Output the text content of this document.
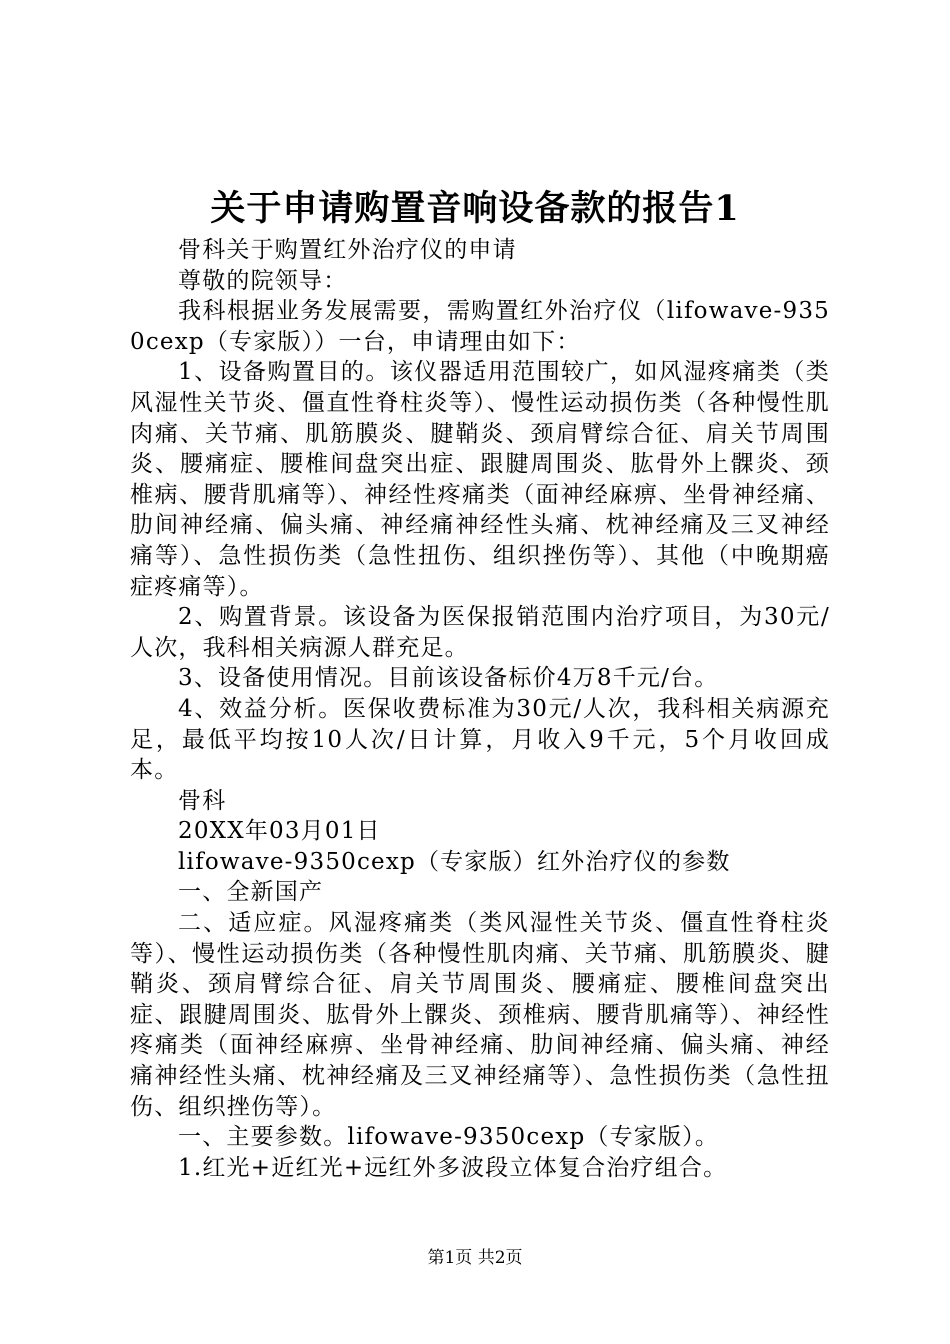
关于申请购置音响设备款的报告1

骨科关于购置红外治疗仪的申请

尊敬的院领导：

我科根据业务发展需要，需购置红外治疗仪（lifowave-9350cexp（专家版））一台，申请理由如下：

1、设备购置目的。该仪器适用范围较广，如风湿疼痛类（类风湿性关节炎、僵直性脊柱炎等）、慢性运动损伤类（各种慢性肌肉痛、关节痛、肌筋膜炎、腱鞘炎、颈肩臂综合征、肩关节周围炎、腰痛症、腰椎间盘突出症、跟腱周围炎、肱骨外上髁炎、颈椎病、腰背肌痛等）、神经性疼痛类（面神经麻痹、坐骨神经痛、肋间神经痛、偏头痛、神经痛神经性头痛、枕神经痛及三叉神经痛等）、急性损伤类（急性扭伤、组织挫伤等）、其他（中晚期癌症疼痛等）。

2、购置背景。该设备为医保报销范围内治疗项目，为30元/人次，我科相关病源人群充足。

3、设备使用情况。目前该设备标价4万8千元/台。

4、效益分析。医保收费标准为30元/人次，我科相关病源充足，最低平均按10人次/日计算，月收入9千元，5个月收回成本。

骨科

20XX年03月01日

lifowave-9350cexp（专家版）红外治疗仪的参数

一、全新国产

二、适应症。风湿疼痛类（类风湿性关节炎、僵直性脊柱炎等）、慢性运动损伤类（各种慢性肌肉痛、关节痛、肌筋膜炎、腱鞘炎、颈肩臂综合征、肩关节周围炎、腰痛症、腰椎间盘突出症、跟腱周围炎、肱骨外上髁炎、颈椎病、腰背肌痛等）、神经性疼痛类（面神经麻痹、坐骨神经痛、肋间神经痛、偏头痛、神经痛神经性头痛、枕神经痛及三叉神经痛等）、急性损伤类（急性扭伤、组织挫伤等）。

一、主要参数。lifowave-9350cexp（专家版）。

1.红光+近红光+远红外多波段立体复合治疗组合。

第1页 共2页
